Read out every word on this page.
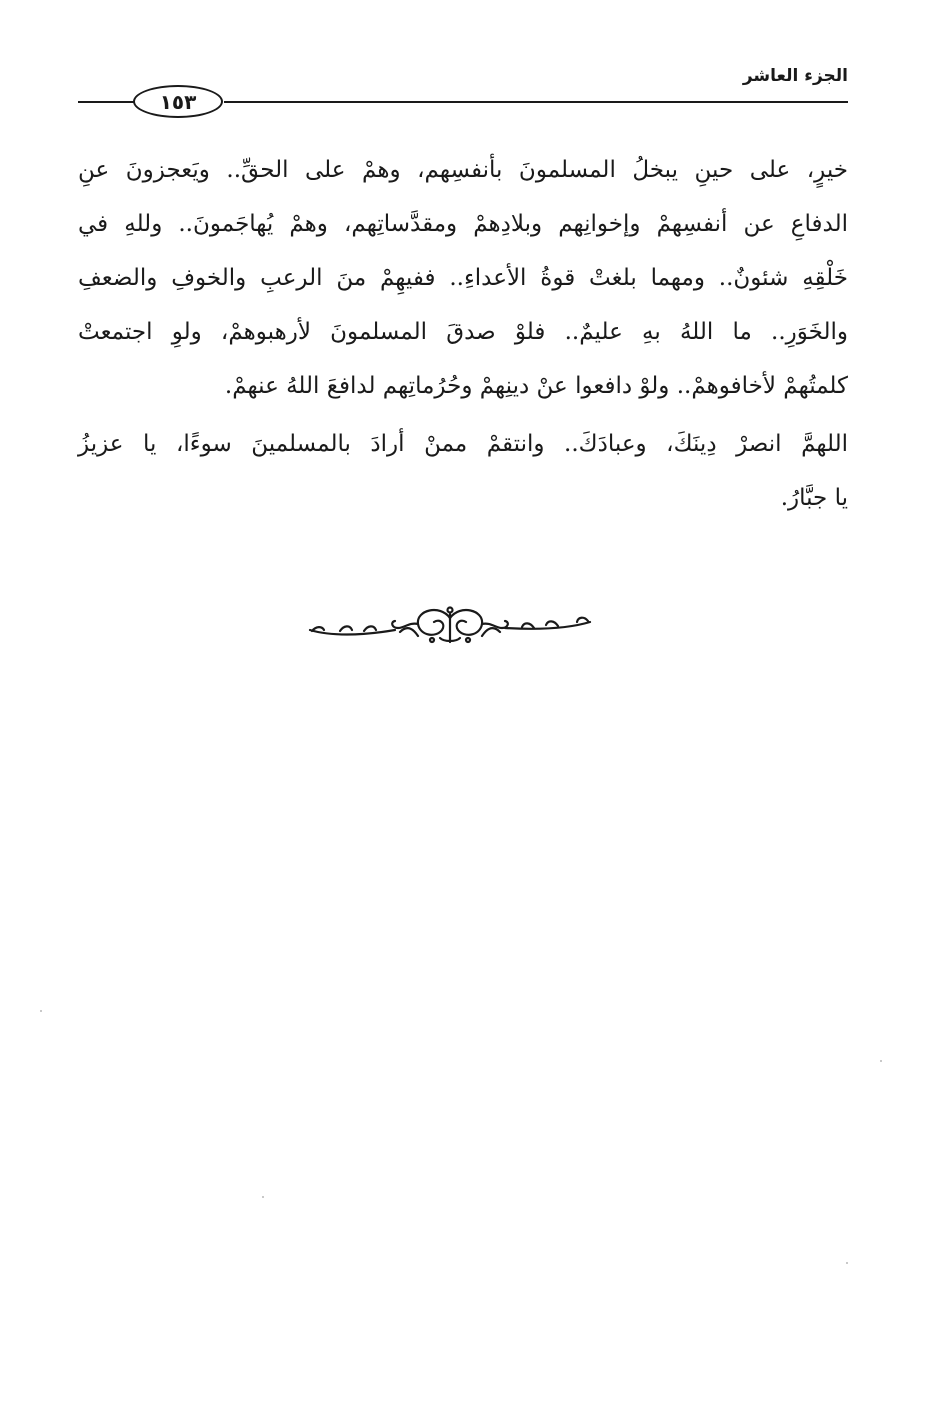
الجزء العاشر
١٥٣

خيرٍ، على حينِ يبخلُ المسلمونَ بأنفسِهم، وهمْ على الحقِّ.. ويَعجزونَ عنِ
الدفاعِ عن أنفسِهمْ وإخوانِهم وبلادِهمْ ومقدَّساتِهم، وهمْ يُهاجَمونَ.. وللهِ في
خَلْقِهِ شئونٌ.. ومهما بلغتْ قوةُ الأعداءِ.. ففيهِمْ منَ الرعبِ والخوفِ والضعفِ
والخَوَرِ.. ما اللهُ بهِ عليمٌ.. فلوْ صدقَ المسلمونَ لأرهبوهمْ، ولوِ اجتمعتْ
كلمتُهمْ لأخافوهمْ.. ولوْ دافعوا عنْ دينِهمْ وحُرُماتِهم لدافعَ اللهُ عنهمْ.

اللهمَّ انصرْ دِينَكَ، وعبادَكَ.. وانتقمْ ممنْ أرادَ بالمسلمينَ سوءًا، يا عزيزُ
يا جبَّارُ.
